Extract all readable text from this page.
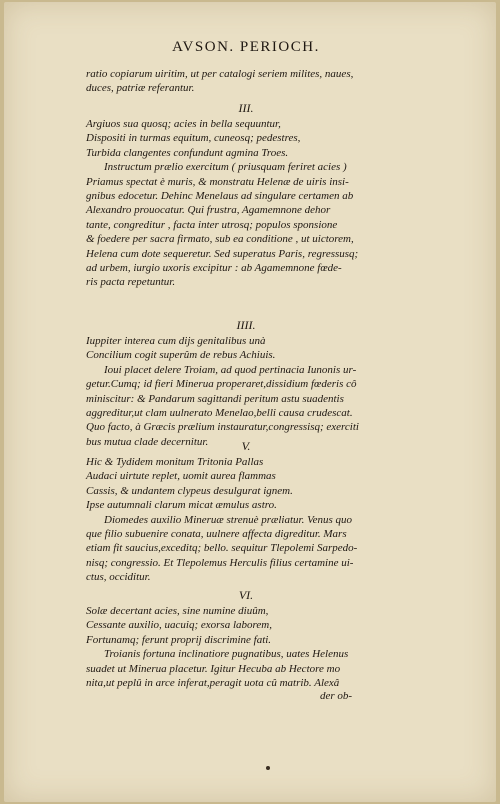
AVSON. PERIOCH.
der ob-
ratio copiarum uiritim, ut per catalogi seriem milites, naues,
duces, patriæ referantur.
III.
Argiuos sua quosq; acies in bella sequuntur,
Dispositi in turmas equitum, cuneosq; pedestres,
Turbida clangentes confundunt agmina Troes.
Instructum prælio exercitum ( priusquam feriret acies )
Priamus spectat è muris, & monstratu Helenæ de uiris insi-
gnibus edocetur. Dehinc Menelaus ad singulare certamen ab
Alexandro prouocatur. Qui frustra, Agamemnone dehor
tante, congreditur , facta inter utrosq; populos sponsione
& foedere per sacra firmato, sub ea conditione , ut uictorem,
Helena cum dote sequeretur. Sed superatus Paris, regressusq;
ad urbem, iurgio uxoris excipitur : ab Agamemnone fœde-
ris pacta repetuntur.
IIII.
Iuppiter interea cum dijs genitalibus unà
Concilium cogit superûm de rebus Achiuis.
Ioui placet delere Troiam, ad quod pertinacia Iunonis ur-
getur.Cumq; id fieri Minerua properaret,dissidium fœderis cô
miniscitur: & Pandarum sagittandi peritum astu suadentis
aggreditur,ut clam uulnerato Menelao,belli causa crudescat.
Quo facto, à Græcis prælium instauratur,congressisq; exerciti
bus mutua clade decernitur.	V.
Hic & Tydidem monitum Tritonia Pallas
Audaci uirtute replet, uomit aurea flammas
Cassis, & undantem clypeus desulgurat ignem.
Ipse autumnali clarum micat æmulus astro.
Diomedes auxilio Mineruæ strenuè præliatur. Venus quo
que filio subuenire conata, uulnere affecta digreditur. Mars
etiam fit saucius,exceditq; bello. sequitur Tlepolemi Sarpedo-
nisq; congressio. Et Tlepolemus Herculis filius certamine ui-
ctus, occiditur.
VI.
Solæ decertant acies, sine numine diuûm,
Cessante auxilio, uacuiq; exorsa laborem,
Fortunamq; ferunt proprij discrimine fati.
Troianis fortuna inclinatiore pugnatibus, uates Helenus
suadet ut Minerua placetur. Igitur Hecuba ab Hectore mo
nita,ut peplû in arce inferat,peragit uota cû matrib. Alexâ
